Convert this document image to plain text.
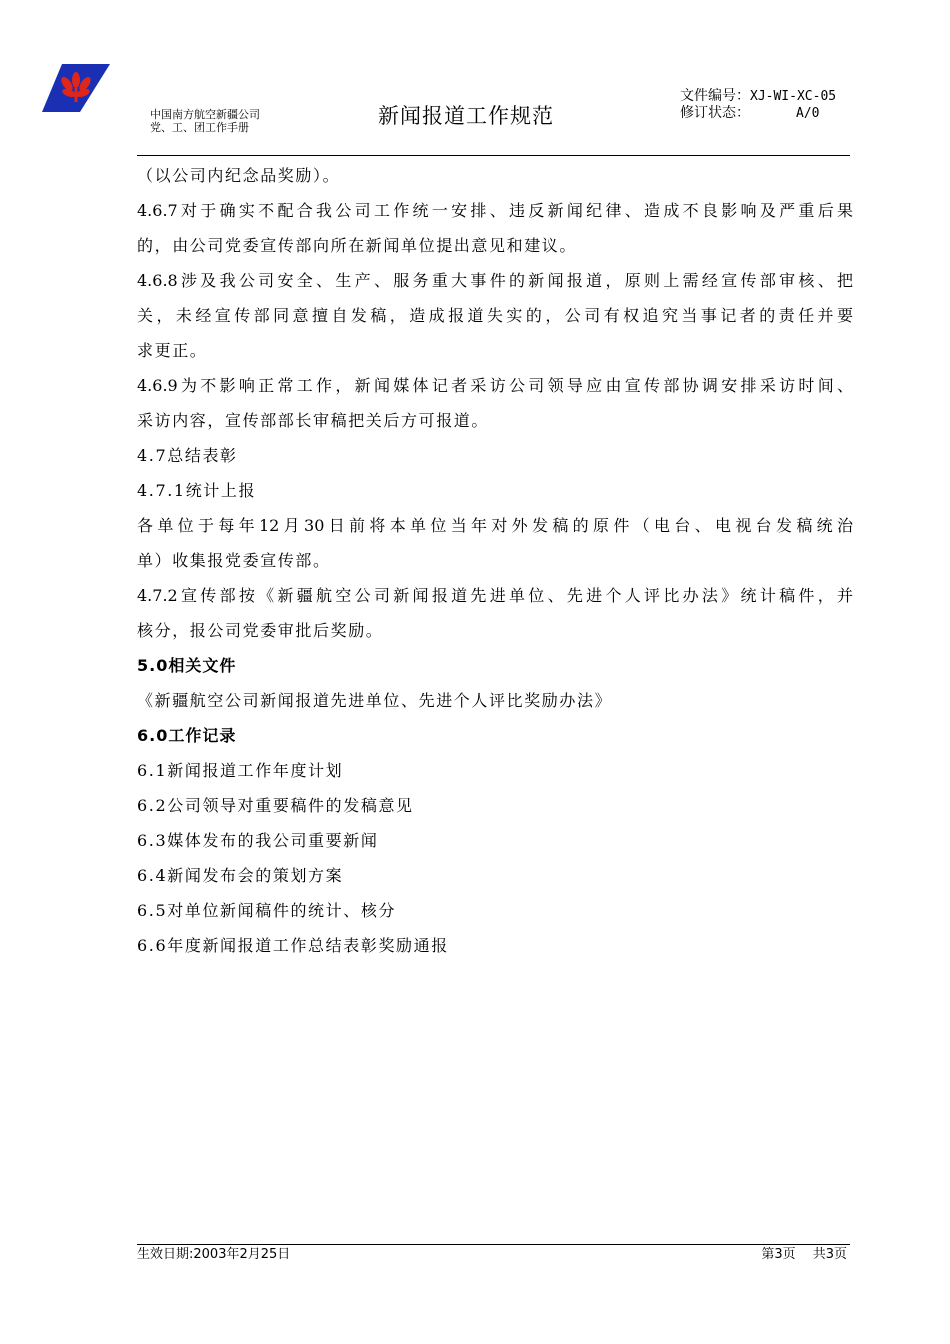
中国南方航空新疆公司
党、工、团工作手册	新闻报道工作规范
文件编号：XJ-WI-XC-05
修订状态：	A/0
（以公司内纪念品奖励）。
4.6.7对于确实不配合我公司工作统一安排、违反新闻纪律、造成不良影响及严重后果
的，由公司党委宣传部向所在新闻单位提出意见和建议。
4.6.8涉及我公司安全、生产、服务重大事件的新闻报道，原则上需经宣传部审核、把
关，未经宣传部同意擅自发稿，造成报道失实的，公司有权追究当事记者的责任并要
求更正。
4.6.9为不影响正常工作，新闻媒体记者采访公司领导应由宣传部协调安排采访时间、
采访内容，宣传部部长审稿把关后方可报道。
4.7总结表彰
4.7.1统计上报
各单位于每年12月30日前将本单位当年对外发稿的原件（电台、电视台发稿统治
单）收集报党委宣传部。
4.7.2宣传部按《新疆航空公司新闻报道先进单位、先进个人评比办法》统计稿件，并
核分，报公司党委审批后奖励。
5.0相关文件
《新疆航空公司新闻报道先进单位、先进个人评比奖励办法》
6.0工作记录
6.1新闻报道工作年度计划
6.2公司领导对重要稿件的发稿意见
6.3媒体发布的我公司重要新闻
6.4新闻发布会的策划方案
6.5对单位新闻稿件的统计、核分
6.6年度新闻报道工作总结表彰奖励通报
生效日期:2003年2月25日	第3页　 共3页
